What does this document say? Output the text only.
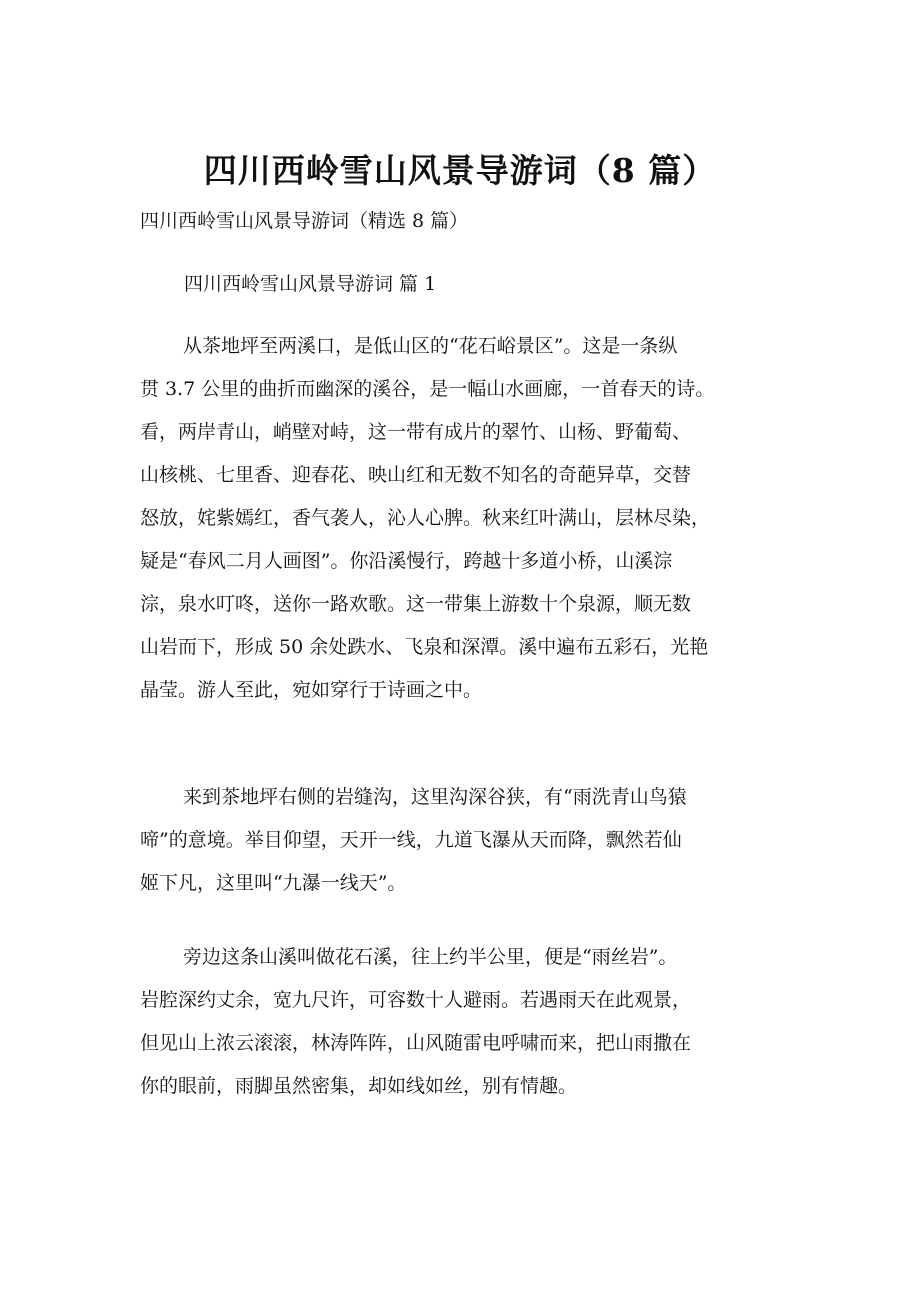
四川西岭雪山风景导游词（8 篇）
四川西岭雪山风景导游词（精选 8 篇）
四川西岭雪山风景导游词 篇 1
从茶地坪至两溪口，是低山区的“花石峪景区”。这是一条纵
贯 3.7 公里的曲折而幽深的溪谷，是一幅山水画廊，一首春天的诗。
看，两岸青山，峭壁对峙，这一带有成片的翠竹、山杨、野葡萄、
山核桃、七里香、迎春花、映山红和无数不知名的奇葩异草，交替
怒放，姹紫嫣红，香气袭人，沁人心脾。秋来红叶满山，层林尽染，
疑是“春风二月人画图”。你沿溪慢行，跨越十多道小桥，山溪淙
淙，泉水叮咚，送你一路欢歌。这一带集上游数十个泉源，顺无数
山岩而下，形成 50 余处跌水、飞泉和深潭。溪中遍布五彩石，光艳
晶莹。游人至此，宛如穿行于诗画之中。
来到茶地坪右侧的岩缝沟，这里沟深谷狭，有“雨洗青山鸟猿
啼”的意境。举目仰望，天开一线，九道飞瀑从天而降，飘然若仙
姬下凡，这里叫“九瀑一线天”。
旁边这条山溪叫做花石溪，往上约半公里，便是“雨丝岩”。
岩腔深约丈余，宽九尺许，可容数十人避雨。若遇雨天在此观景，
但见山上浓云滚滚，林涛阵阵，山风随雷电呼啸而来，把山雨撒在
你的眼前，雨脚虽然密集，却如线如丝，别有情趣。
